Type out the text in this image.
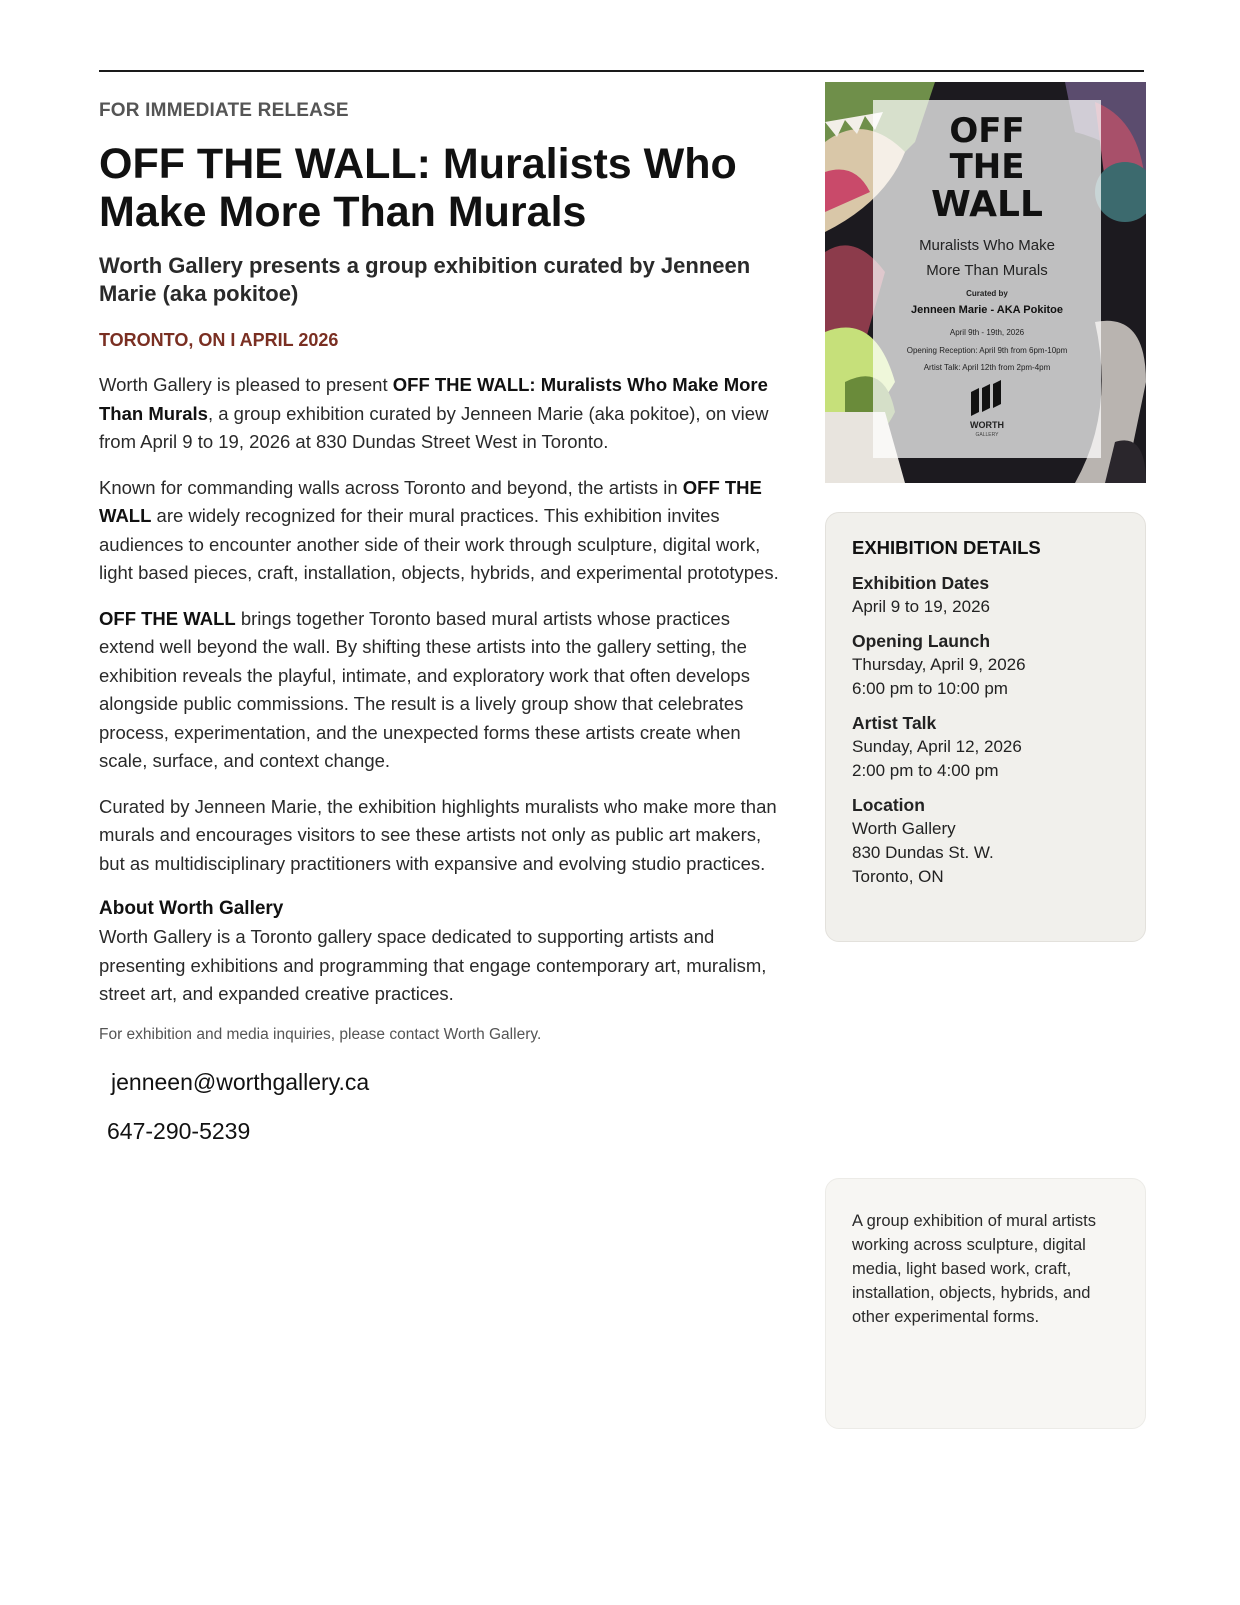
FOR IMMEDIATE RELEASE
OFF THE WALL: Muralists Who Make More Than Murals
Worth Gallery presents a group exhibition curated by Jenneen Marie (aka pokitoe)
TORONTO, ON I APRIL 2026

Worth Gallery is pleased to present OFF THE WALL: Muralists Who Make More Than Murals, a group exhibition curated by Jenneen Marie (aka pokitoe), on view from April 9 to 19, 2026 at 830 Dundas Street West in Toronto.

Known for commanding walls across Toronto and beyond, the artists in OFF THE WALL are widely recognized for their mural practices. This exhibition invites audiences to encounter another side of their work through sculpture, digital work, light based pieces, craft, installation, objects, hybrids, and experimental prototypes.

OFF THE WALL brings together Toronto based mural artists whose practices extend well beyond the wall. By shifting these artists into the gallery setting, the exhibition reveals the playful, intimate, and exploratory work that often develops alongside public commissions. The result is a lively group show that celebrates process, experimentation, and the unexpected forms these artists create when scale, surface, and context change.

Curated by Jenneen Marie, the exhibition highlights muralists who make more than murals and encourages visitors to see these artists not only as public art makers, but as multidisciplinary practitioners with expansive and evolving studio practices.

About Worth Gallery

Worth Gallery is a Toronto gallery space dedicated to supporting artists and presenting exhibitions and programming that engage contemporary art, muralism, street art, and expanded creative practices.

For exhibition and media inquiries, please contact Worth Gallery.
jenneen@worthgallery.ca
647-290-5239
OFF
THE
WALL
Muralists Who Make
More Than Murals
Curated by
Jenneen Marie - AKA Pokitoe
April 9th - 19th, 2026
Opening Reception: April 9th from 6pm-10pm
Artist Talk: April 12th from 2pm-4pm
WORTH
GALLERY
EXHIBITION DETAILS
Exhibition Dates
April 9 to 19, 2026
Opening Launch
Thursday, April 9, 2026
6:00 pm to 10:00 pm
Artist Talk
Sunday, April 12, 2026
2:00 pm to 4:00 pm
Location
Worth Gallery
830 Dundas St. W.
Toronto, ON
A group exhibition of mural artists working across sculpture, digital media, light based work, craft, installation, objects, hybrids, and other experimental forms.
